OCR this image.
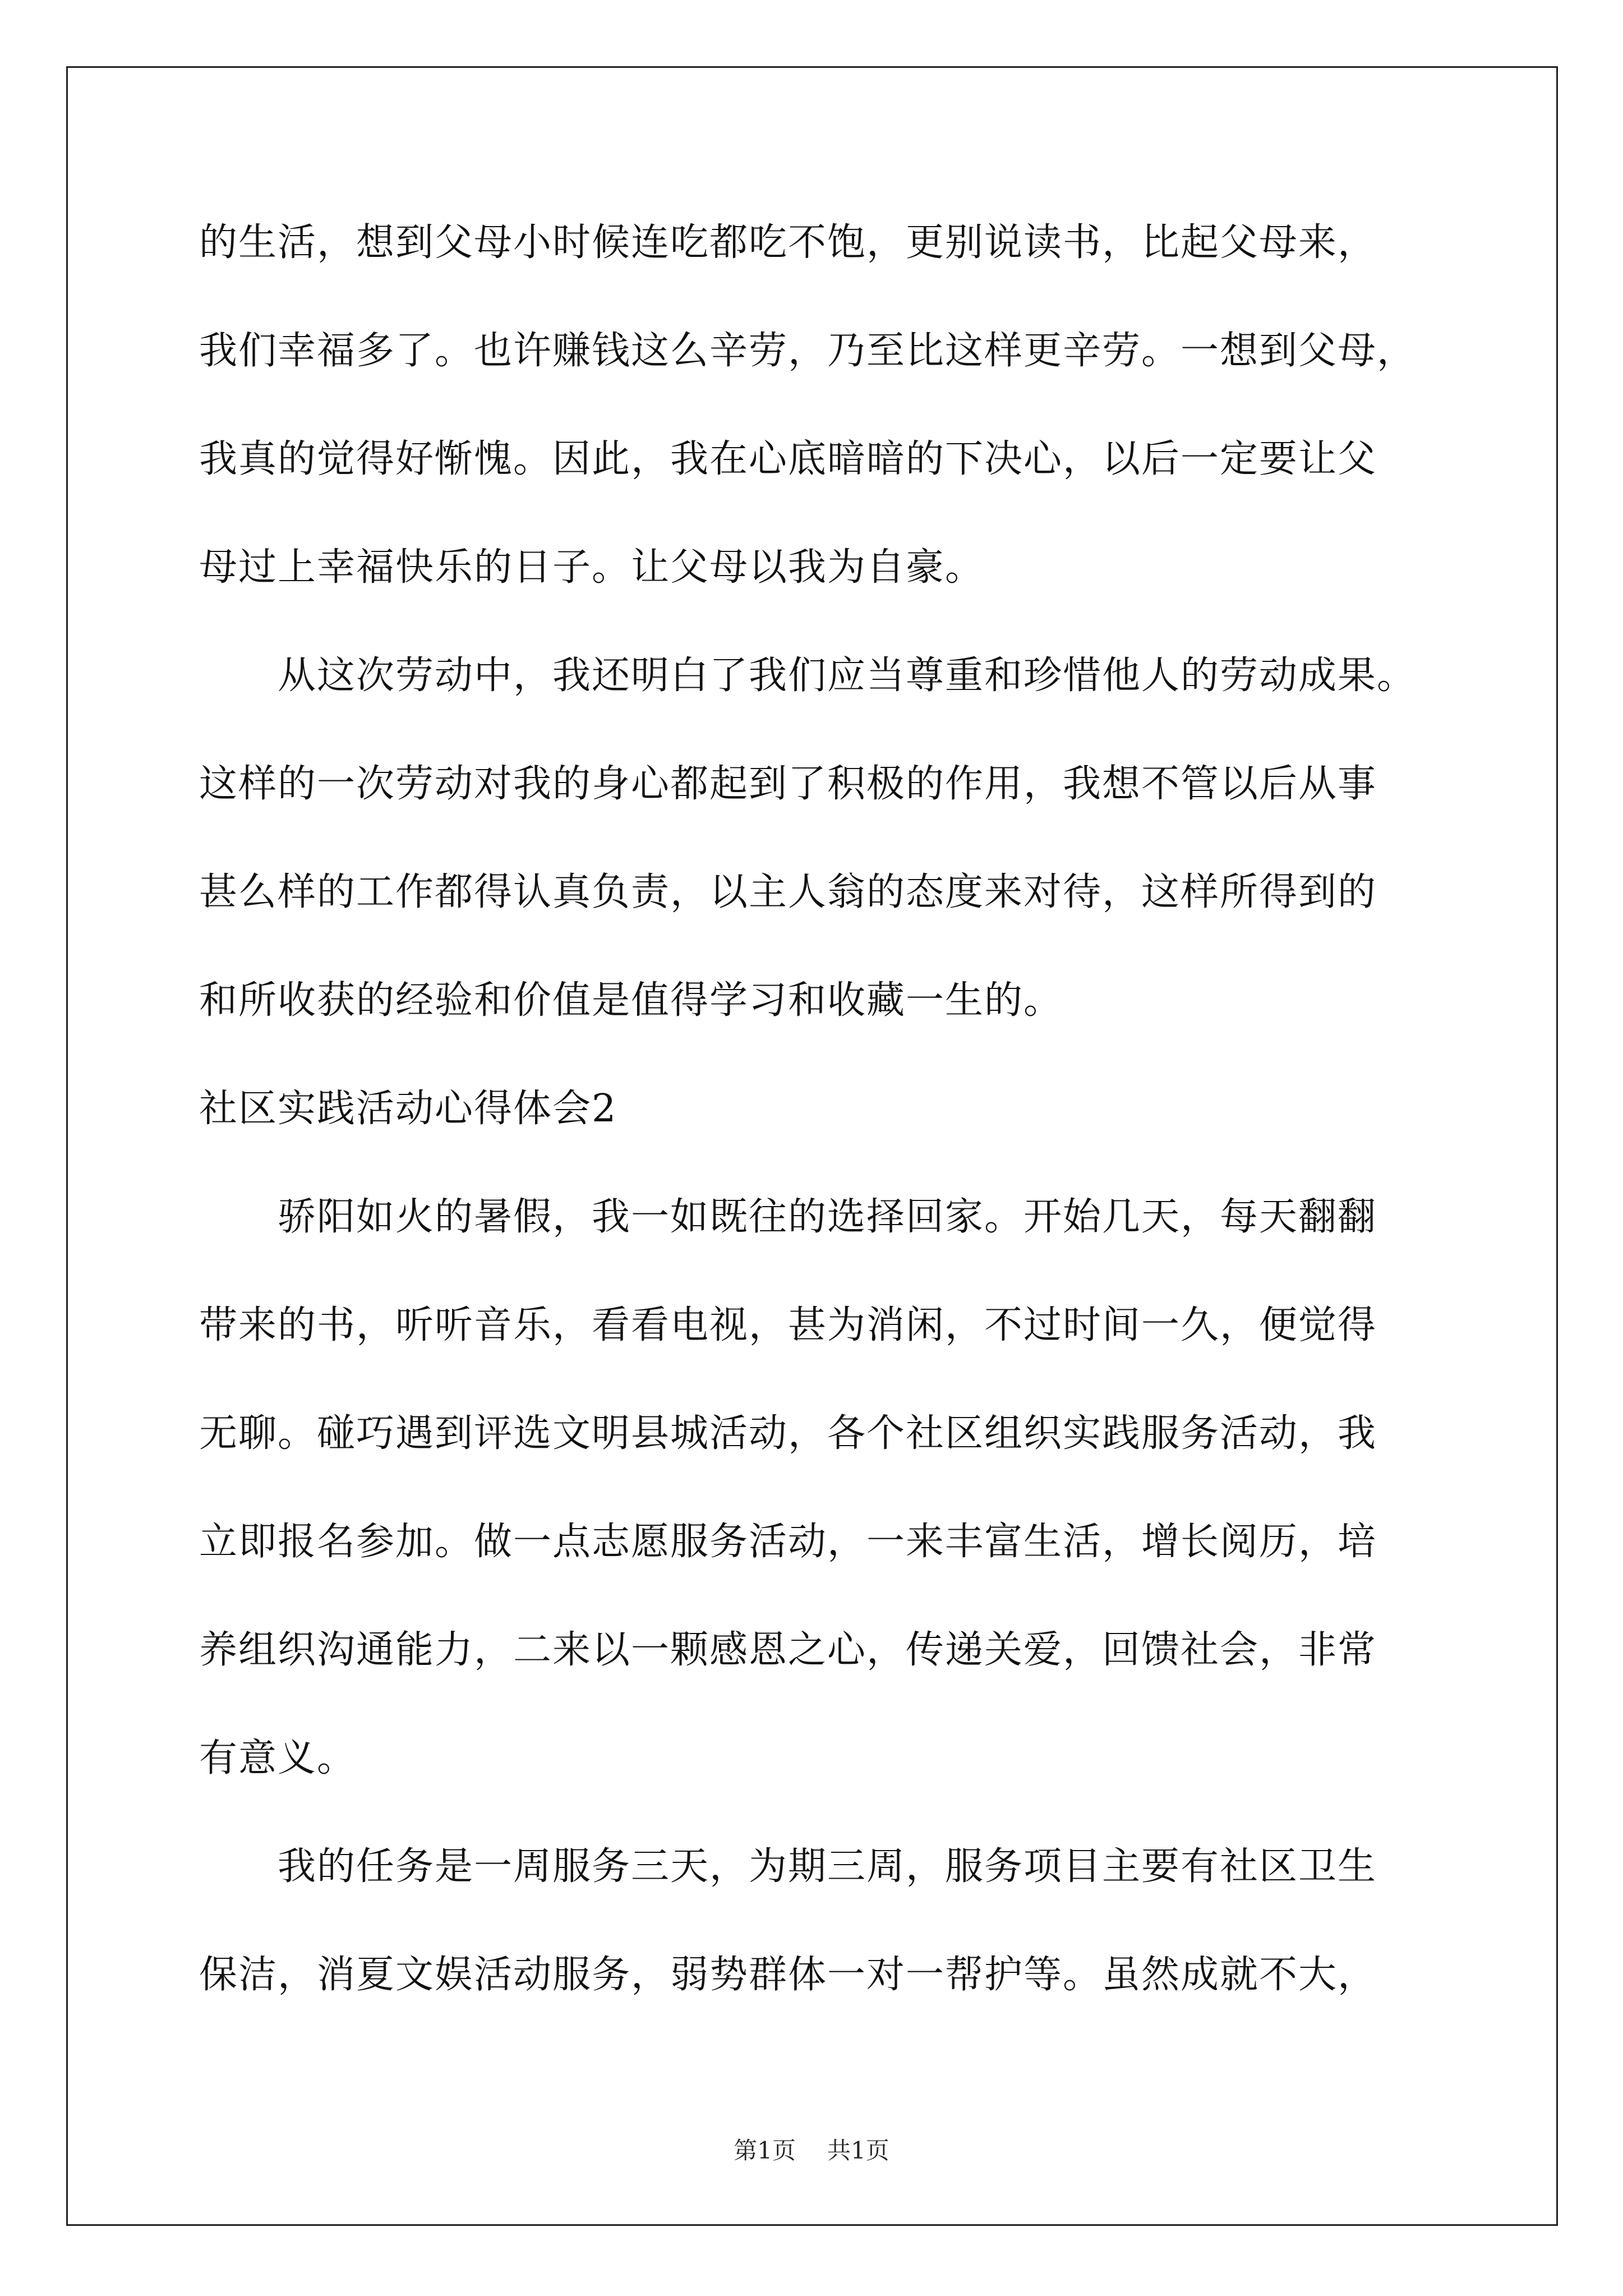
的生活，想到父母小时候连吃都吃不饱，更别说读书，比起父母来，
我们幸福多了。也许赚钱这么辛劳，乃至比这样更辛劳。一想到父母，
我真的觉得好惭愧。因此，我在心底暗暗的下决心，以后一定要让父
母过上幸福快乐的日子。让父母以我为自豪。
　　从这次劳动中，我还明白了我们应当尊重和珍惜他人的劳动成果。
这样的一次劳动对我的身心都起到了积极的作用，我想不管以后从事
甚么样的工作都得认真负责，以主人翁的态度来对待，这样所得到的
和所收获的经验和价值是值得学习和收藏一生的。
社区实践活动心得体会2
　　骄阳如火的暑假，我一如既往的选择回家。开始几天，每天翻翻
带来的书，听听音乐，看看电视，甚为消闲，不过时间一久，便觉得
无聊。碰巧遇到评选文明县城活动，各个社区组织实践服务活动，我
立即报名参加。做一点志愿服务活动，一来丰富生活，增长阅历，培
养组织沟通能力，二来以一颗感恩之心，传递关爱，回馈社会，非常
有意义。
　　我的任务是一周服务三天，为期三周，服务项目主要有社区卫生
保洁，消夏文娱活动服务，弱势群体一对一帮护等。虽然成就不大，
第1页 共1页
